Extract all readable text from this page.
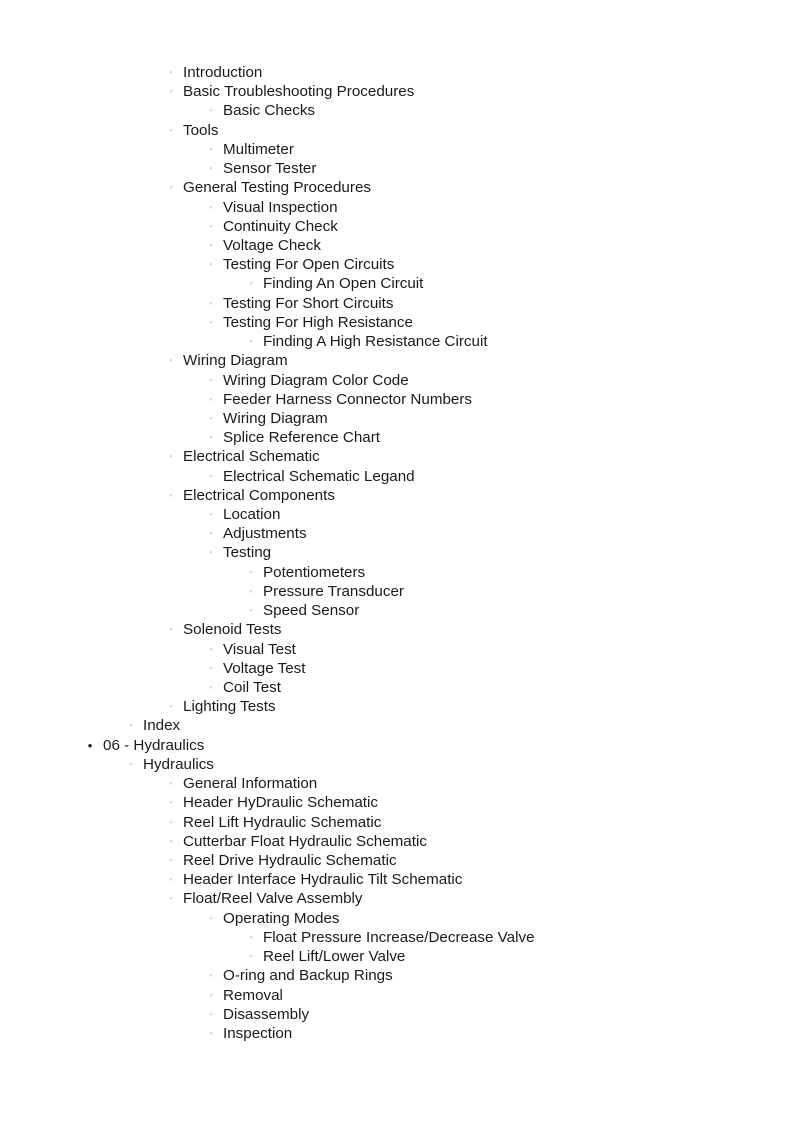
◦ Introduction
◦ Basic Troubleshooting Procedures
◦ Basic Checks
◦ Tools
◦ Multimeter
◦ Sensor Tester
◦ General Testing Procedures
◦ Visual Inspection
◦ Continuity Check
◦ Voltage Check
◦ Testing For Open Circuits
◦ Finding An Open Circuit
◦ Testing For Short Circuits
◦ Testing For High Resistance
◦ Finding A High Resistance Circuit
◦ Wiring Diagram
◦ Wiring Diagram Color Code
◦ Feeder Harness Connector Numbers
◦ Wiring Diagram
◦ Splice Reference Chart
◦ Electrical Schematic
◦ Electrical Schematic Legand
◦ Electrical Components
◦ Location
◦ Adjustments
◦ Testing
◦ Potentiometers
◦ Pressure Transducer
◦ Speed Sensor
◦ Solenoid Tests
◦ Visual Test
◦ Voltage Test
◦ Coil Test
◦ Lighting Tests
◦ Index
• 06 - Hydraulics
◦ Hydraulics
◦ General Information
◦ Header HyDraulic Schematic
◦ Reel Lift Hydraulic Schematic
◦ Cutterbar Float Hydraulic Schematic
◦ Reel Drive Hydraulic Schematic
◦ Header Interface Hydraulic Tilt Schematic
◦ Float/Reel Valve Assembly
◦ Operating Modes
◦ Float Pressure Increase/Decrease Valve
◦ Reel Lift/Lower Valve
◦ O-ring and Backup Rings
◦ Removal
◦ Disassembly
◦ Inspection
